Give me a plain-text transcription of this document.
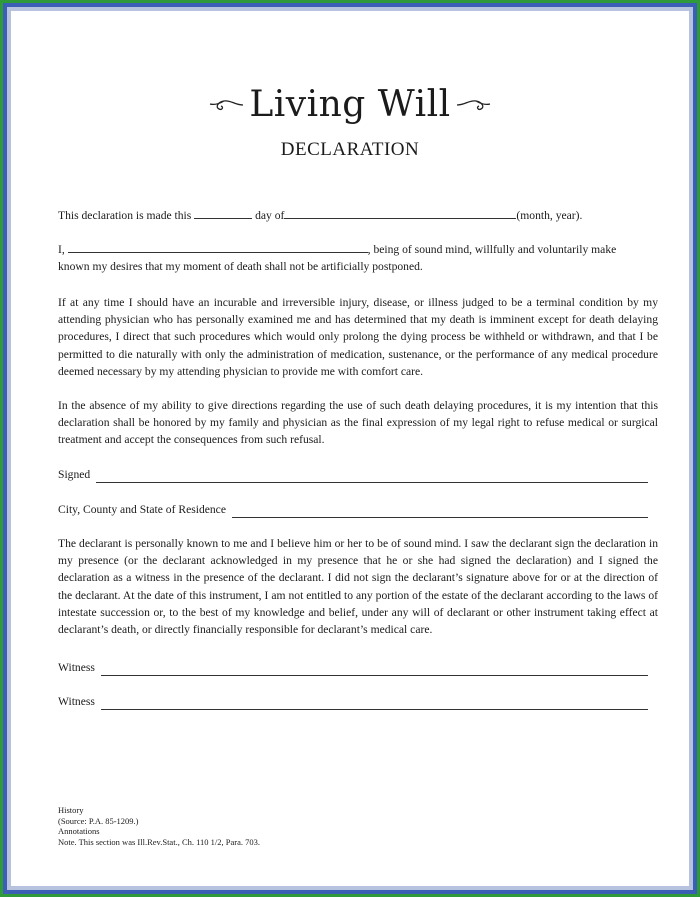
Living Will
DECLARATION
This declaration is made this	day of	(month, year).
I,	, being of sound mind, willfully and voluntarily make
known my desires that my moment of death shall not be artificially postponed.
If at any time I should have an incurable and irreversible injury, disease, or illness judged to be a terminal condition by my attending physician who has personally examined me and has determined that my death is imminent except for death delaying procedures, I direct that such procedures which would only prolong the dying process be withheld or withdrawn, and that I be permitted to die naturally with only the administration of medication, sustenance, or the performance of any medical procedure deemed necessary by my attending physician to provide me with comfort care.
In the absence of my ability to give directions regarding the use of such death delaying procedures, it is my intention that this declaration shall be honored by my family and physician as the final expression of my legal right to refuse medical or surgical treatment and accept the consequences from such refusal.
Signed
City, County and State of Residence
The declarant is personally known to me and I believe him or her to be of sound mind. I saw the declarant sign the declaration in my presence (or the declarant acknowledged in my presence that he or she had signed the declaration) and I signed the declaration as a witness in the presence of the declarant. I did not sign the declarant’s signature above for or at the direction of the declarant. At the date of this instrument, I am not entitled to any portion of the estate of the declarant according to the laws of intestate succession or, to the best of my knowledge and belief, under any will of declarant or other instrument taking effect at declarant’s death, or directly financially responsible for declarant’s medical care.
Witness
Witness
History
(Source: P.A. 85-1209.)
Annotations
Note. This section was Ill.Rev.Stat., Ch. 110 1/2, Para. 703.
